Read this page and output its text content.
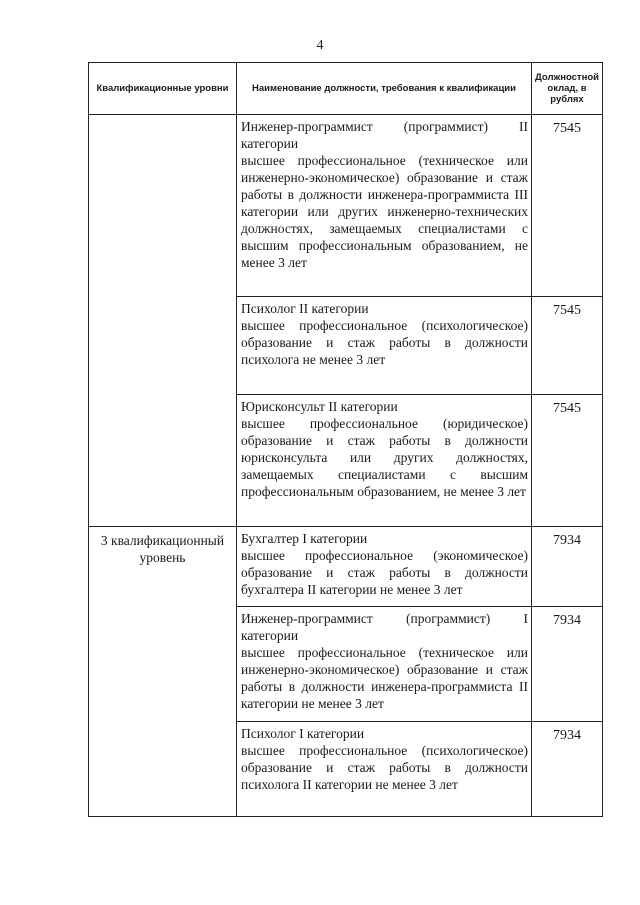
4
Квалификационные уровни	Наименование должности, требования к квалификации	Должностной оклад, в рублях

	Инженер-программист (программист) II категории
высшее профессиональное (техническое или инженерно-экономическое) образование и стаж работы в должности инженера-программиста III категории или других инженерно-технических должностях, замещаемых специалистами с высшим профессиональным образованием, не менее 3 лет	7545

	Психолог II категории
высшее профессиональное (психологическое) образование и стаж работы в должности психолога не менее 3 лет	7545

	Юрисконсульт II категории
высшее профессиональное (юридическое) образование и стаж работы в должности юрисконсульта или других должностях, замещаемых специалистами с высшим профессиональным образованием, не менее 3 лет	7545
3 квалификационный уровень	Бухгалтер I категории
высшее профессиональное (экономическое) образование и стаж работы в должности бухгалтера II категории не менее 3 лет	7934

	Инженер-программист (программист) I категории
высшее профессиональное (техническое или инженерно-экономическое) образование и стаж работы в должности инженера-программиста II категории не менее 3 лет	7934

	Психолог I категории
высшее профессиональное (психологическое) образование и стаж работы в должности психолога II категории не менее 3 лет	7934
